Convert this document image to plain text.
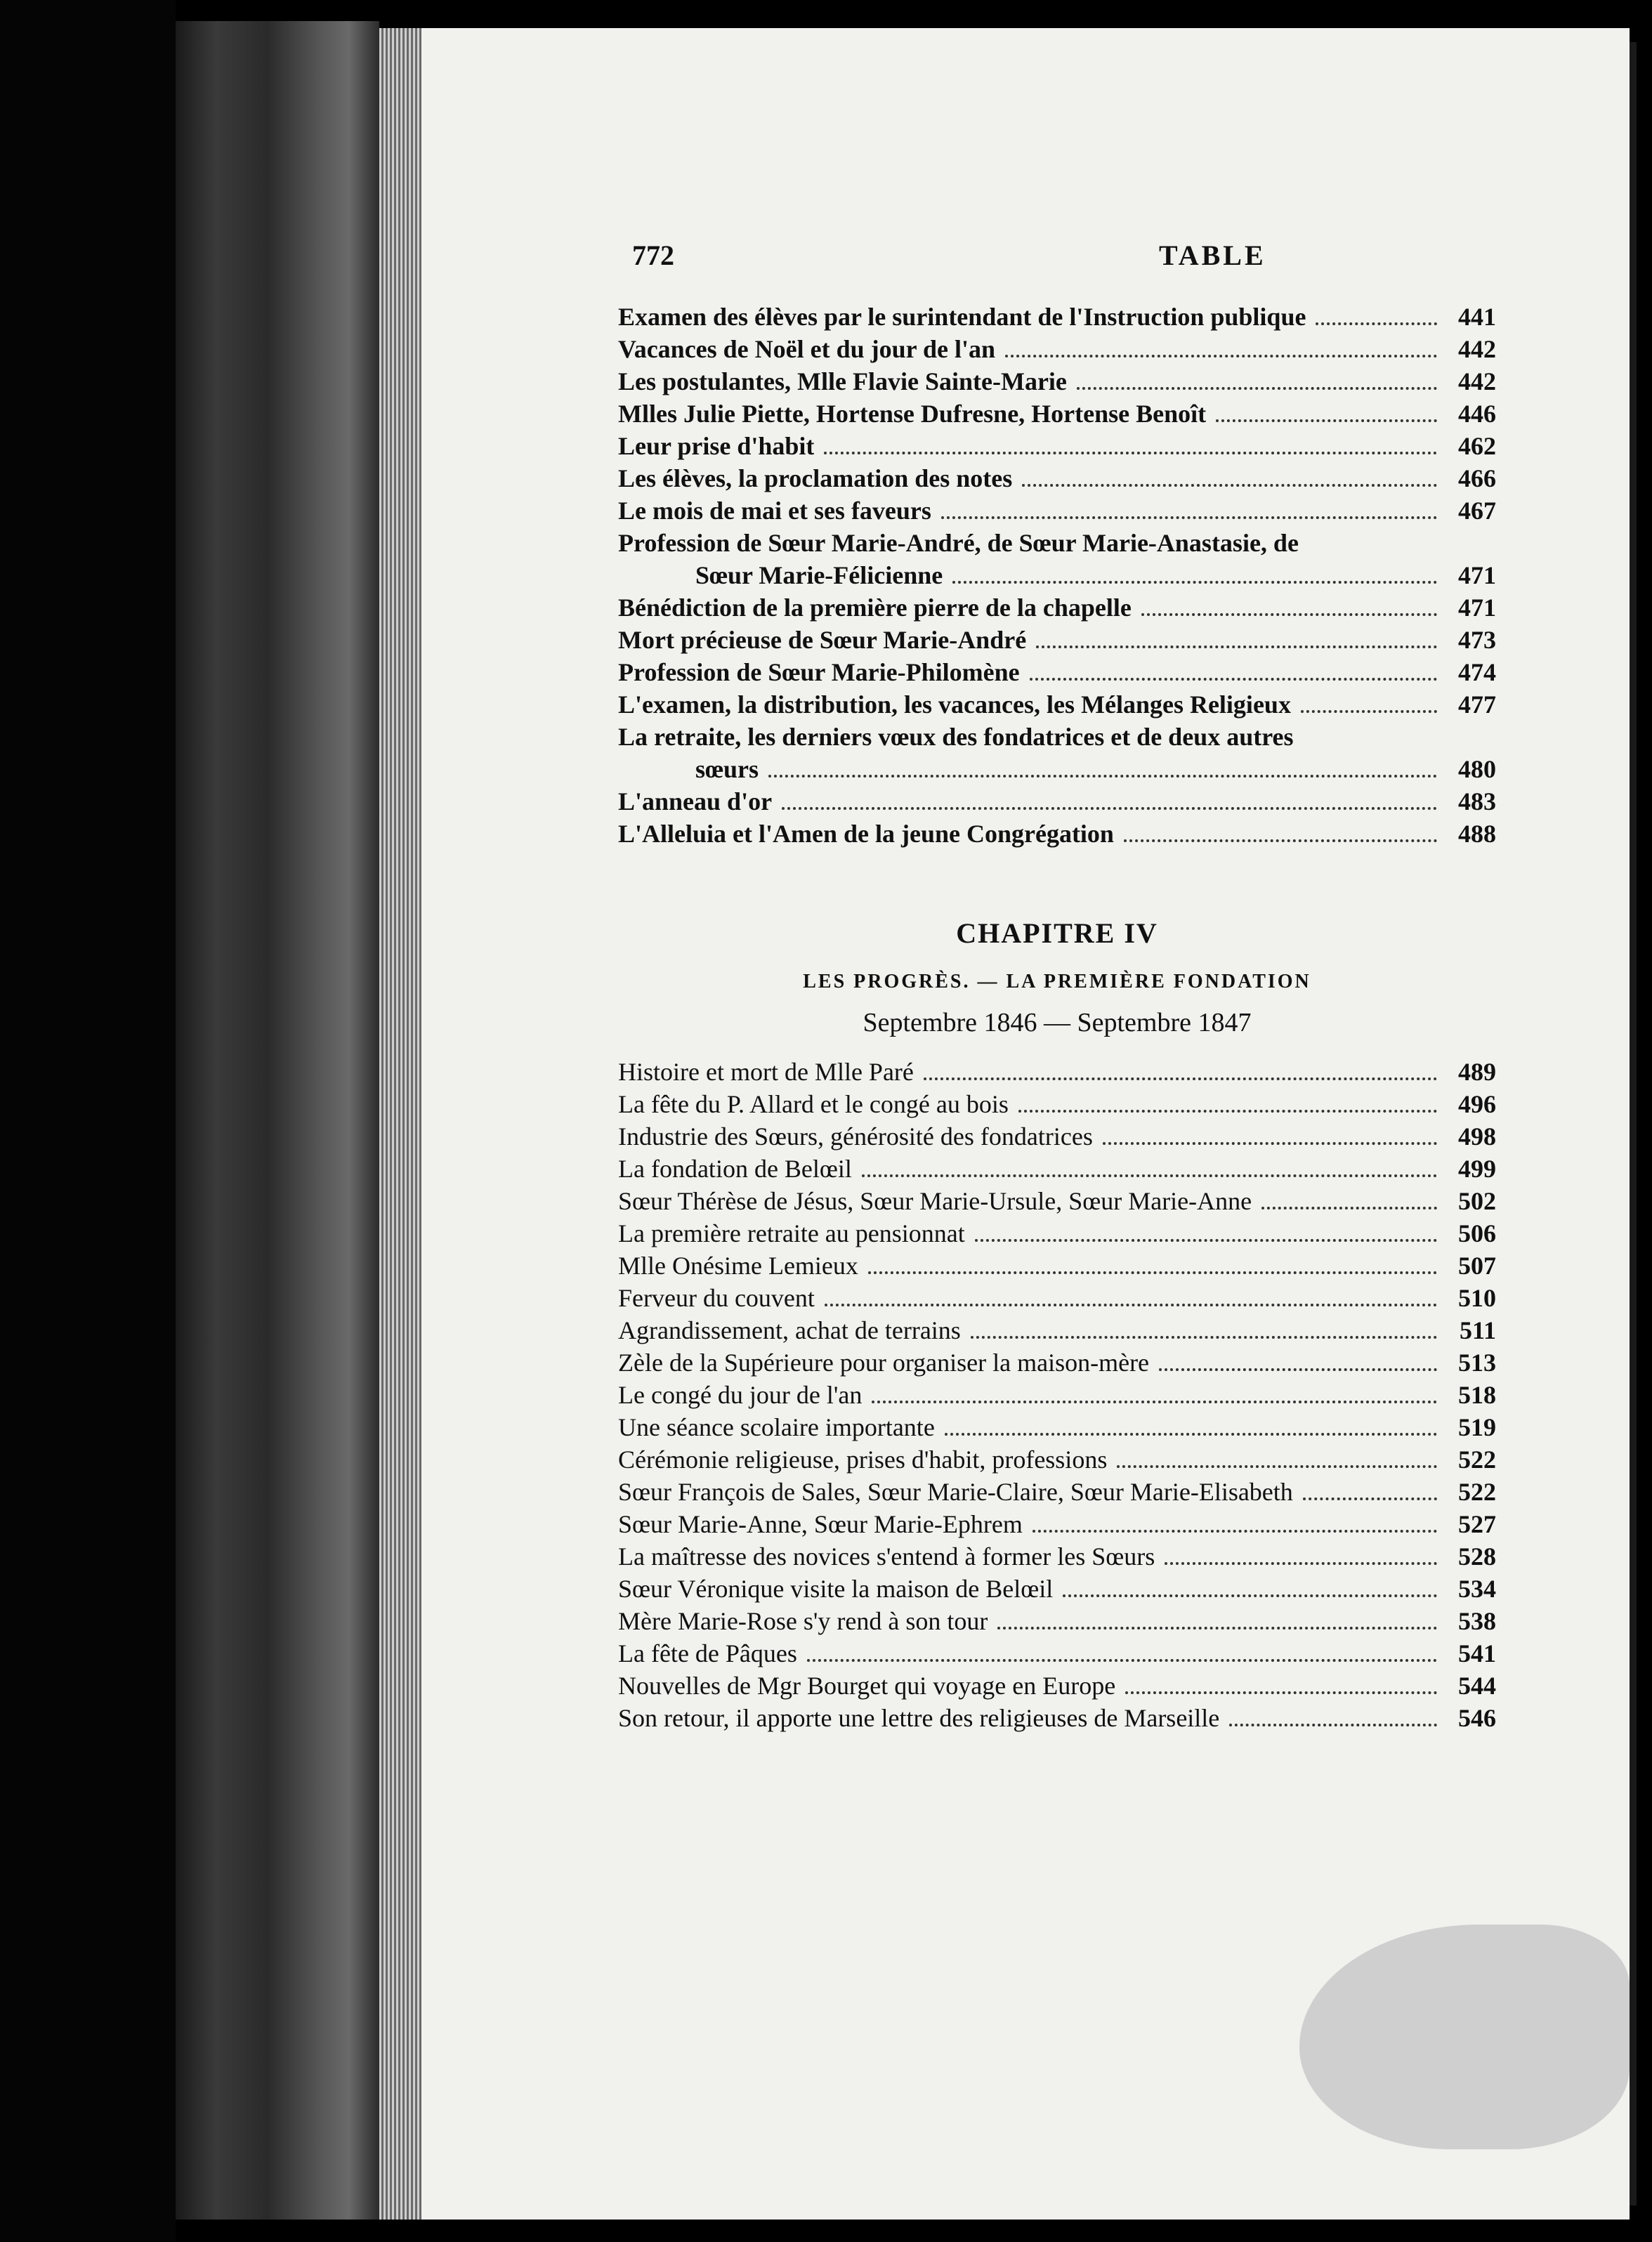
772	TABLE
Examen des élèves par le surintendant de l'Instruction publique	441
Vacances de Noël et du jour de l'an	442
Les postulantes, Mlle Flavie Sainte-Marie	442
Mlles Julie Piette, Hortense Dufresne, Hortense Benoît	446
Leur prise d'habit	462
Les élèves, la proclamation des notes	466
Le mois de mai et ses faveurs	467
Profession de Sœur Marie-André, de Sœur Marie-Anastasie, de
Sœur Marie-Félicienne	471
Bénédiction de la première pierre de la chapelle	471
Mort précieuse de Sœur Marie-André	473
Profession de Sœur Marie-Philomène	474
L'examen, la distribution, les vacances, les Mélanges Religieux	477
La retraite, les derniers vœux des fondatrices et de deux autres
sœurs	480
L'anneau d'or	483
L'Alleluia et l'Amen de la jeune Congrégation	488
CHAPITRE IV
LES PROGRÈS. — LA PREMIÈRE FONDATION
Septembre 1846 — Septembre 1847
Histoire et mort de Mlle Paré	489
La fête du P. Allard et le congé au bois	496
Industrie des Sœurs, générosité des fondatrices	498
La fondation de Belœil	499
Sœur Thérèse de Jésus, Sœur Marie-Ursule, Sœur Marie-Anne	502
La première retraite au pensionnat	506
Mlle Onésime Lemieux	507
Ferveur du couvent	510
Agrandissement, achat de terrains	511
Zèle de la Supérieure pour organiser la maison-mère	513
Le congé du jour de l'an	518
Une séance scolaire importante	519
Cérémonie religieuse, prises d'habit, professions	522
Sœur François de Sales, Sœur Marie-Claire, Sœur Marie-Elisabeth	522
Sœur Marie-Anne, Sœur Marie-Ephrem	527
La maîtresse des novices s'entend à former les Sœurs	528
Sœur Véronique visite la maison de Belœil	534
Mère Marie-Rose s'y rend à son tour	538
La fête de Pâques	541
Nouvelles de Mgr Bourget qui voyage en Europe	544
Son retour, il apporte une lettre des religieuses de Marseille	546
